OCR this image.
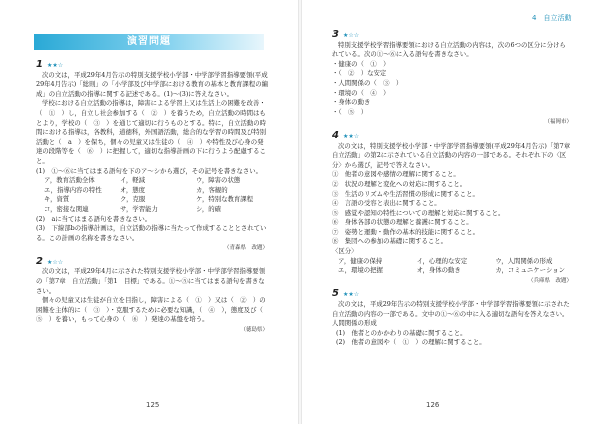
演習問題
1 ★★☆

次の文は，平成29年4月告示の特別支援学校小学部・中学部学習指導要領(平成29年4月告示)「総則」の「小学部及び中学部における教育の基本と教育課程の編成」の自立活動の指導に関する記述である。(1)～(3)に答えなさい。

学校における自立活動の指導は，障害による学習上又は生活上の困難を改善・（　①　）し，自立し社会参加する（　②　）を養うため，自立活動の時間はもとより，学校の（　③　）を通じて適切に行うものとする。特に，自立活動の時間における指導は，各教科，道徳科，外国語活動，総合的な学習の時間及び特別活動と（　a　）を保ち，個々の児童又は生徒の（　④　）や特性及び心身の発達の段階等を（　⑥　）に把握して，適切な指導計画の下に行うよう配慮すること。

(1)　①～⑥に当てはまる語句を下のア～シから選び，その記号を書きなさい。

ア，教育活動全体	イ，軽減	ウ，障害の状態
エ，指導内容の特性	オ，態度	カ，客観的
キ，資質	ク，克服	ケ，特別な教育課程
コ，密接な関連	サ，学習能力	シ，的確

(2)　aに当てはまる語句を書きなさい。

(3)　下線部bの指導計画は，自立活動の指導に当たって作成することとされている。この計画の名称を書きなさい。

（青森県　改題）
2 ★☆☆

次の文は，平成29年4月に示された特別支援学校小学部・中学部学習指導要領の「第7章　自立活動」「第1　目標」である。①～⑤に当てはまる語句を書きなさい。

個々の児童又は生徒が自立を目指し，障害による（　①　）又は（　②　）の困難を主体的に（　③　）・克服するために必要な知識，（　④　），態度及び（　⑤　）を養い，もって心身の（　⑥　）発達の基盤を培う。

（徳島県）
125
4　自立活動
3 ★☆☆

特別支援学校学習指導要領における自立活動の内容は，次の6つの区分に分けられている。次の①～⑥に入る語句を書きなさい。

・健康の（　①　）

・（　②　）な安定

・人間関係の（　③　）

・環境の（　④　）

・身体の動き

・（　⑤　）

（福岡市）
4 ★★☆

次の文は，特別支援学校小学部・中学部学習指導要領(平成29年4月告示)「第7章　自立活動」の第2に示されている自立活動の内容の一部である。それぞれ下の〈区分〉から選び，記号で答えなさい。

①　他者の意図や感情の理解に関すること。

②　状況の理解と変化への対応に関すること。

③　生活のリズムや生活習慣の形成に関すること。

④　言語の受容と表出に関すること。

⑤　感覚や認知の特性についての理解と対応に関すること。

⑥　身体各部の状態の理解と養護に関すること。

⑦　姿勢と運動・動作の基本的技能に関すること。

⑧　集団への参加の基礎に関すること。

〈区分〉

ア，健康の保持	イ，心理的な安定	ウ，人間関係の形成
エ，環境の把握	オ，身体の動き	カ，コミュニケーション
（兵庫県　改題）
5 ★★☆

次の文は，平成29年告示の特別支援学校小学部・中学部学習指導要領に示された自立活動の内容の一部である。文中の①～⑥の中に入る適切な語句を答えなさい。

人間関係の形成

(1)　他者とのかかわりの基礎に関すること。

(2)　他者の意図や（　①　）の理解に関すること。

126
